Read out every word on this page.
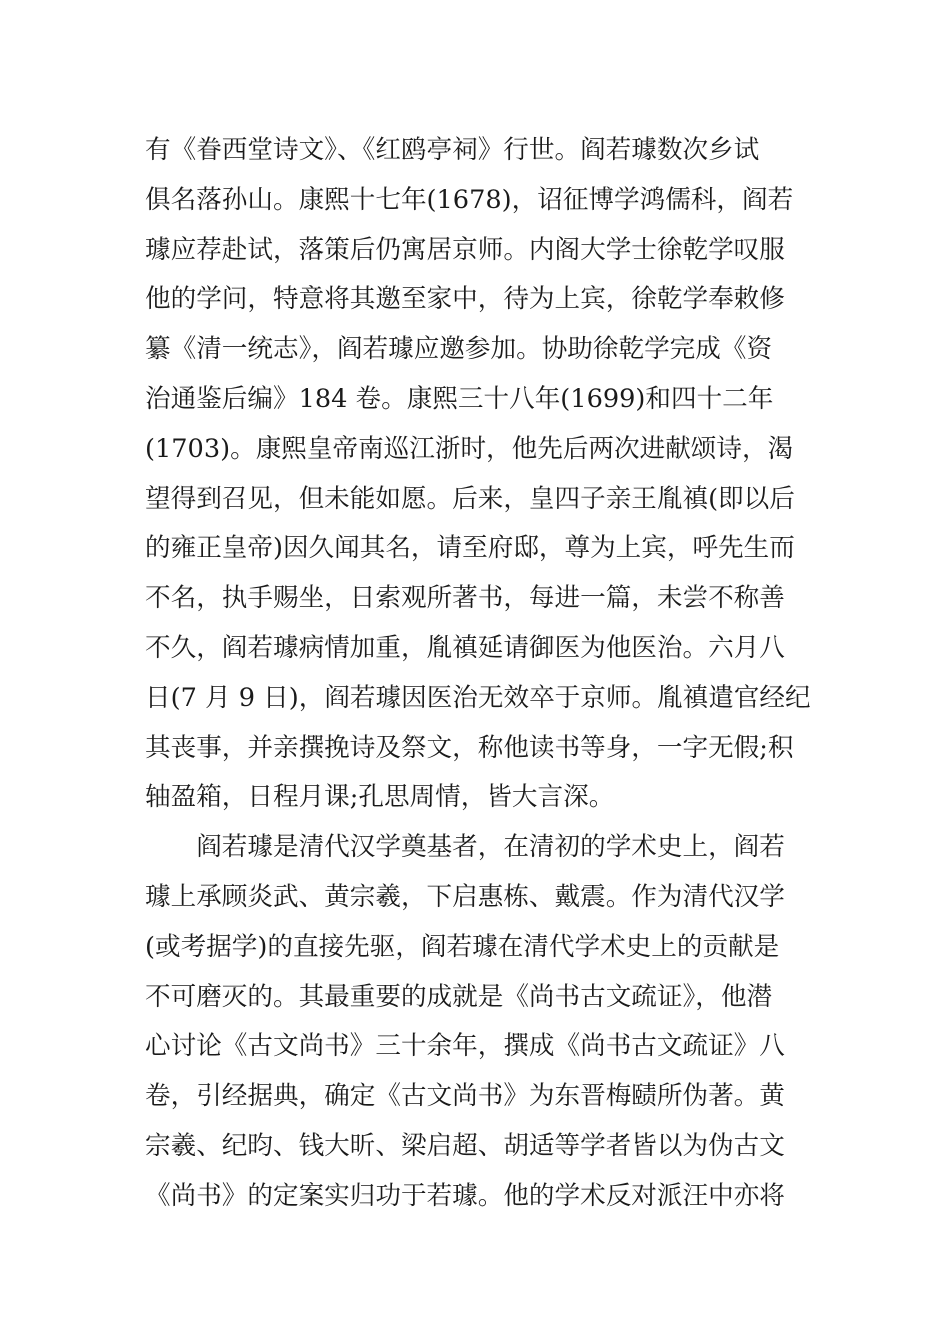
有《眷西堂诗文》、《红鸥亭祠》行世。阎若璩数次乡试
俱名落孙山。康熙十七年(1678)，诏征博学鸿儒科，阎若
璩应荐赴试，落策后仍寓居京师。内阁大学士徐乾学叹服
他的学问，特意将其邀至家中，待为上宾，徐乾学奉敕修
纂《清一统志》，阎若璩应邀参加。协助徐乾学完成《资
治通鉴后编》184 卷。康熙三十八年(1699)和四十二年
(1703)。康熙皇帝南巡江浙时，他先后两次进献颂诗，渴
望得到召见，但未能如愿。后来，皇四子亲王胤禛(即以后
的雍正皇帝)因久闻其名，请至府邸，尊为上宾，呼先生而
不名，执手赐坐，日索观所著书，每进一篇，未尝不称善
不久，阎若璩病情加重，胤禛延请御医为他医治。六月八
日(7 月 9 日)，阎若璩因医治无效卒于京师。胤禛遣官经纪
其丧事，并亲撰挽诗及祭文，称他读书等身，一字无假;积
轴盈箱，日程月课;孔思周情，皆大言深。
　　阎若璩是清代汉学奠基者，在清初的学术史上，阎若
璩上承顾炎武、黄宗羲，下启惠栋、戴震。作为清代汉学
(或考据学)的直接先驱，阎若璩在清代学术史上的贡献是
不可磨灭的。其最重要的成就是《尚书古文疏证》，他潜
心讨论《古文尚书》三十余年，撰成《尚书古文疏证》八
卷，引经据典，确定《古文尚书》为东晋梅赜所伪著。黄
宗羲、纪昀、钱大昕、梁启超、胡适等学者皆以为伪古文
《尚书》的定案实归功于若璩。他的学术反对派汪中亦将
